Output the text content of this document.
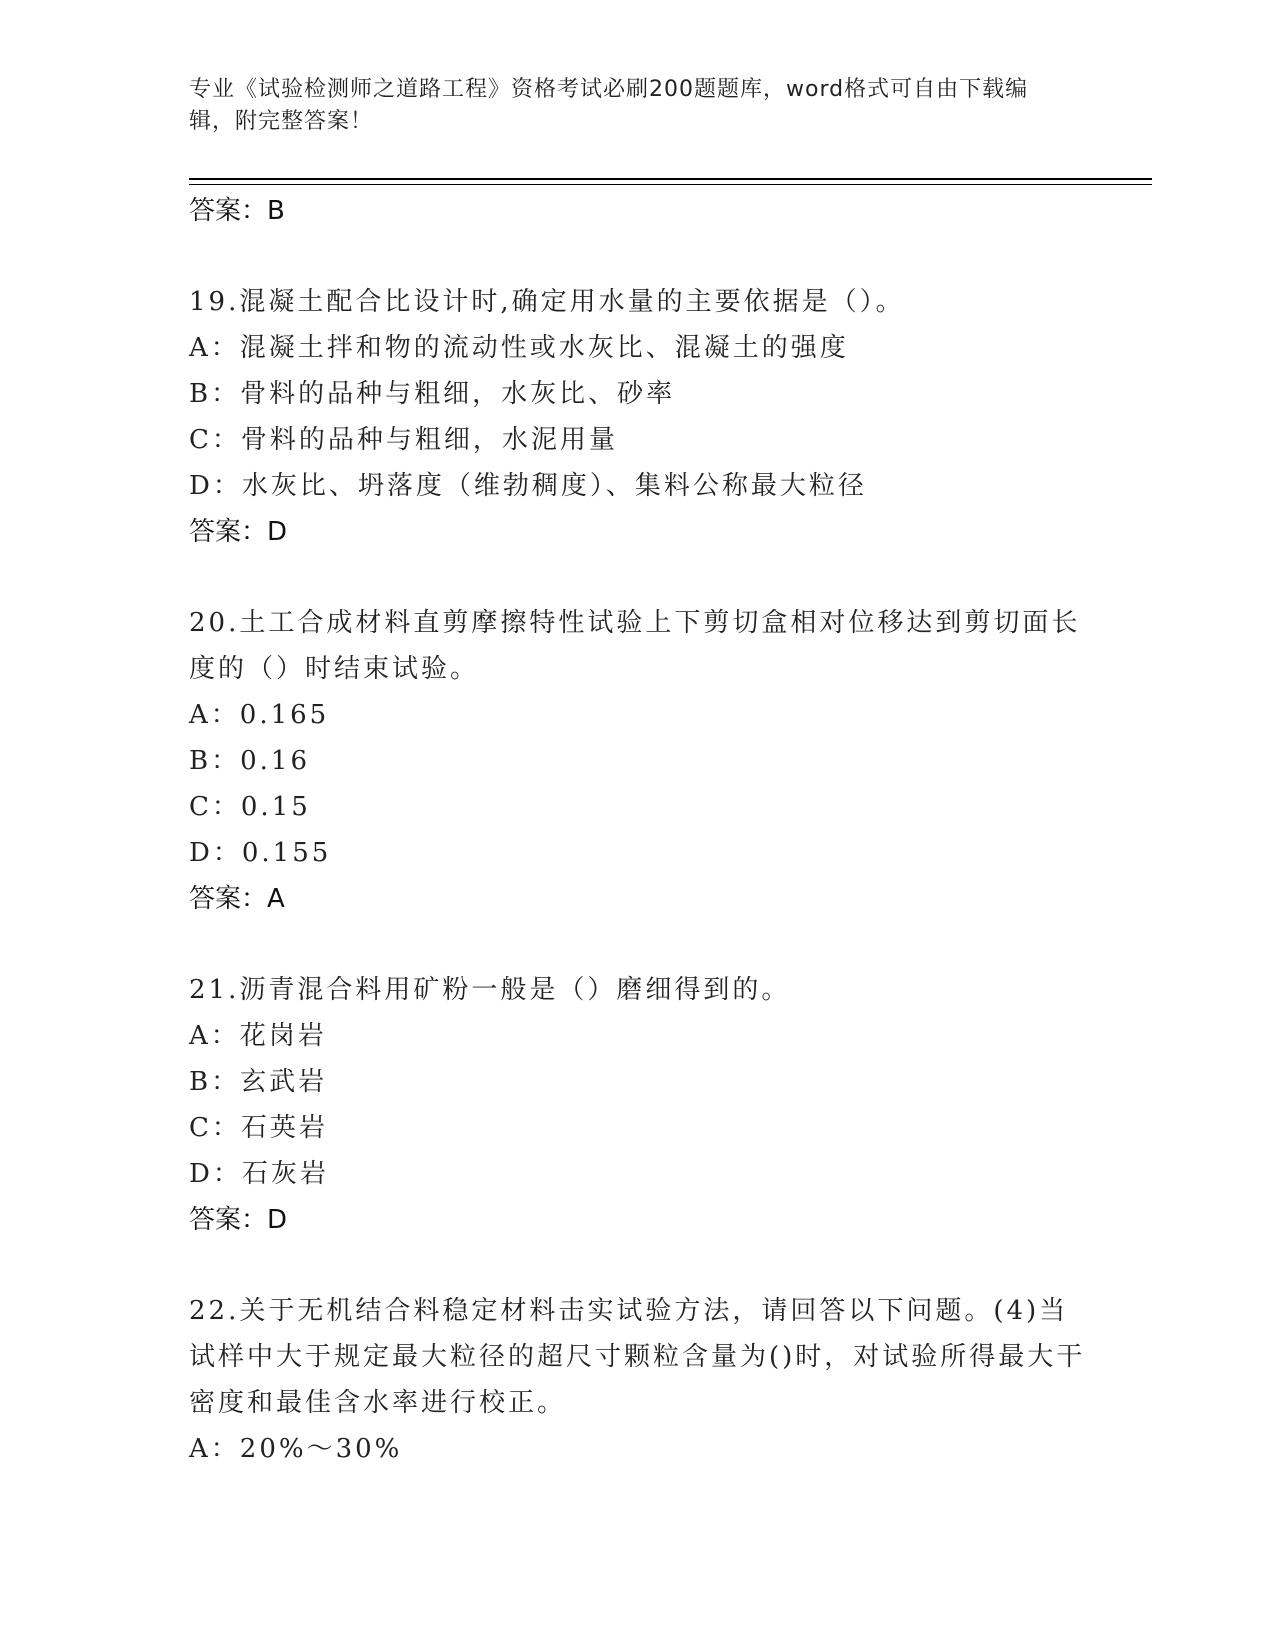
专业《试验检测师之道路工程》资格考试必刷200题题库，word格式可自由下载编辑，附完整答案！
答案：B
19.混凝土配合比设计时,确定用水量的主要依据是（）。
A：混凝土拌和物的流动性或水灰比、混凝土的强度
B：骨料的品种与粗细，水灰比、砂率
C：骨料的品种与粗细，水泥用量
D：水灰比、坍落度（维勃稠度）、集料公称最大粒径
答案：D
20.土工合成材料直剪摩擦特性试验上下剪切盒相对位移达到剪切面长度的（）时结束试验。
A：0.165
B：0.16
C：0.15
D：0.155
答案：A
21.沥青混合料用矿粉一般是（）磨细得到的。
A：花岗岩
B：玄武岩
C：石英岩
D：石灰岩
答案：D
22.关于无机结合料稳定材料击实试验方法，请回答以下问题。(4)当试样中大于规定最大粒径的超尺寸颗粒含量为()时，对试验所得最大干密度和最佳含水率进行校正。
A：20%～30%
